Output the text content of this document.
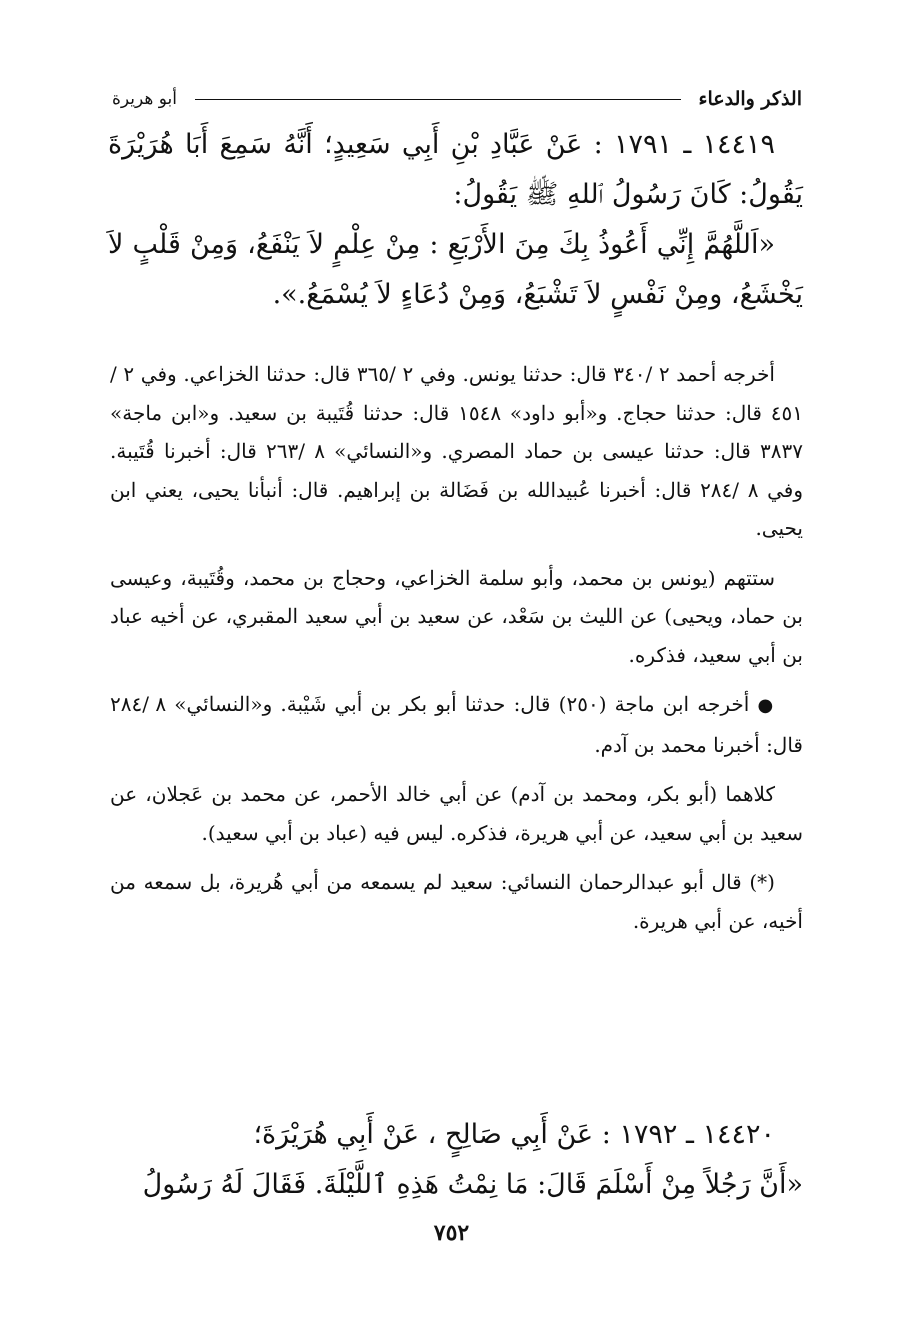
الذكر والدعاء
أبو هريرة

١٤٤١٩ ـ ١٧٩١ : عَنْ عَبَّادِ بْنِ أَبِي سَعِيدٍ؛ أَنَّهُ سَمِعَ أَبَا هُرَيْرَةَ يَقُولُ: كَانَ رَسُولُ ٱللهِ ﷺ يَقُولُ:

«اَللَّهُمَّ إِنِّي أَعُوذُ بِكَ مِنَ الأَرْبَعِ : مِنْ عِلْمٍ لاَ يَنْفَعُ، وَمِنْ قَلْبٍ لاَ يَخْشَعُ، ومِنْ نَفْسٍ لاَ تَشْبَعُ، وَمِنْ دُعَاءٍ لاَ يُسْمَعُ.».

أخرجه أحمد ٢ /٣٤٠ قال: حدثنا يونس. وفي ٢ /٣٦٥ قال: حدثنا الخزاعي. وفي ٢ /٤٥١ قال: حدثنا حجاج. و«أبو داود» ١٥٤٨ قال: حدثنا قُتَيبة بن سعيد. و«ابن ماجة» ٣٨٣٧ قال: حدثنا عيسى بن حماد المصري. و«النسائي» ٨ /٢٦٣ قال: أخبرنا قُتَيبة. وفي ٨ /٢٨٤ قال: أخبرنا عُبيدالله بن فَضَالة بن إبراهيم. قال: أنبأنا يحيى، يعني ابن يحيى.

ستتهم (يونس بن محمد، وأبو سلمة الخزاعي، وحجاج بن محمد، وقُتَيبة، وعيسى بن حماد، ويحيى) عن الليث بن سَعْد، عن سعيد بن أبي سعيد المقبري، عن أخيه عباد بن أبي سعيد، فذكره.

● أخرجه ابن ماجة (٢٥٠) قال: حدثنا أبو بكر بن أبي شَيْبة. و«النسائي» ٨ /٢٨٤ قال: أخبرنا محمد بن آدم.

كلاهما (أبو بكر، ومحمد بن آدم) عن أبي خالد الأحمر، عن محمد بن عَجلان، عن سعيد بن أبي سعيد، عن أبي هريرة، فذكره. ليس فيه (عباد بن أبي سعيد).

(*) قال أبو عبدالرحمان النسائي: سعيد لم يسمعه من أبي هُريرة، بل سمعه من أخيه، عن أبي هريرة.

١٤٤٢٠ ـ ١٧٩٢ : عَنْ أَبِي صَالِحٍ ، عَنْ أَبِي هُرَيْرَةَ؛

«أَنَّ رَجُلاً مِنْ أَسْلَمَ قَالَ: مَا نِمْتُ هَذِهِ ٱللَّيْلَةَ. فَقَالَ لَهُ رَسُولُ

٧٥٢
